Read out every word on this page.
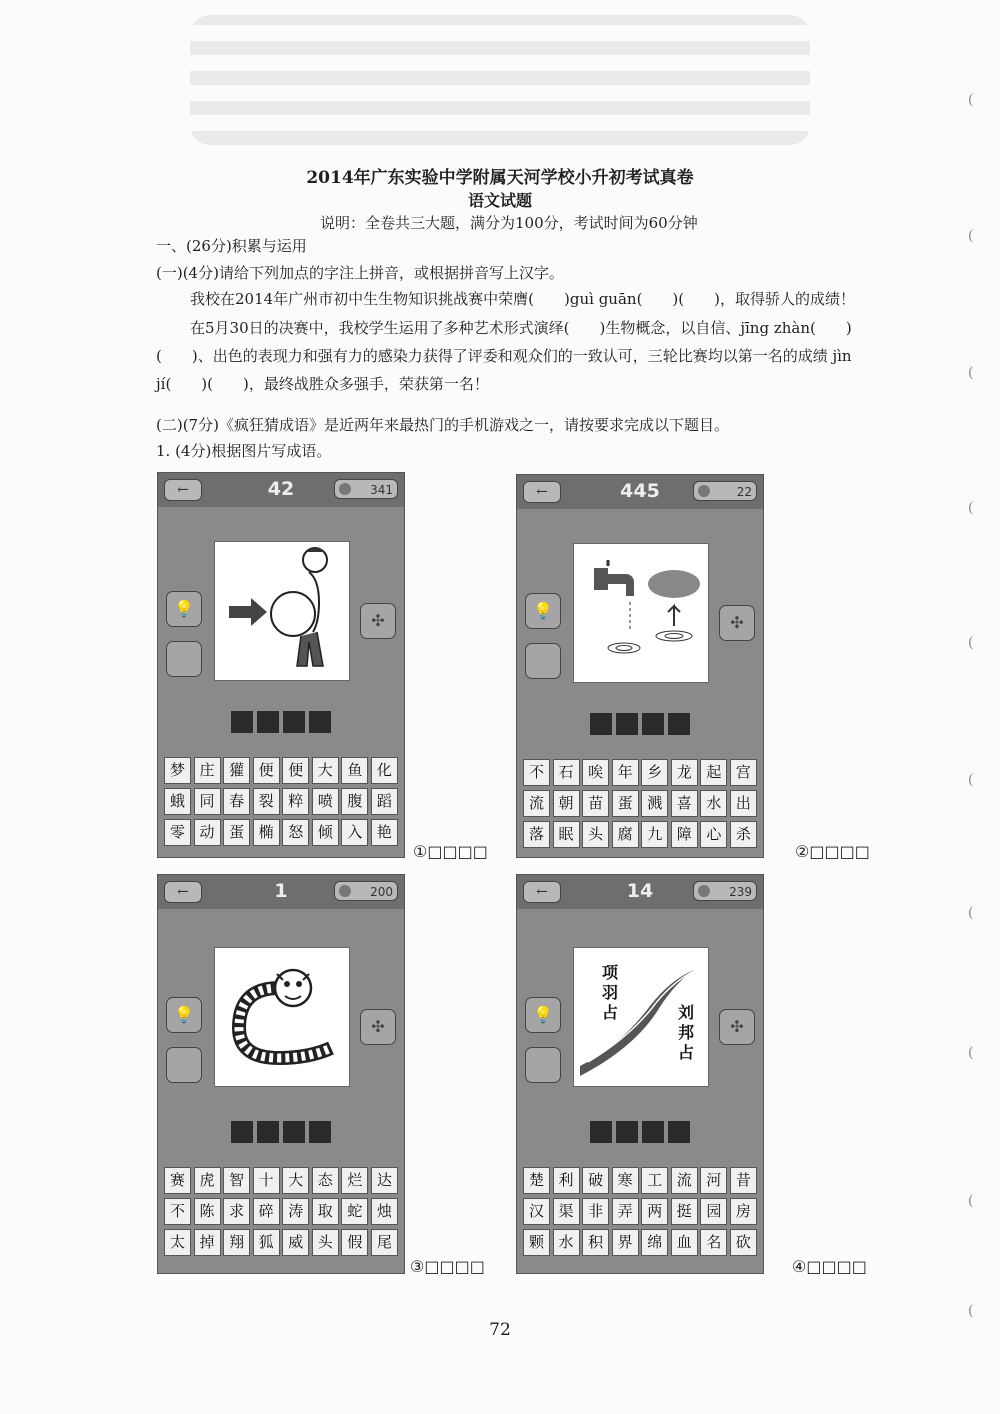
2014年广东实验中学附属天河学校小升初考试真卷
语文试题
说明：全卷共三大题，满分为100分，考试时间为60分钟
一、(26分)积累与运用
(一)(4分)请给下列加点的字注上拼音，或根据拼音写上汉字。
我校在2014年广州市初中生生物知识挑战赛中荣膺(　　)guì guān(　　)(　　)，取得骄人的成绩！
在5月30日的决赛中，我校学生运用了多种艺术形式演绎(　　)生物概念，以自信、jīng zhàn(　　)(　　)、出色的表现力和强有力的感染力获得了评委和观众们的一致认可，三轮比赛均以第一名的成绩 jìn jí(　　)(　　)，最终战胜众多强手，荣获第一名！
(二)(7分)《疯狂猜成语》是近两年来最热门的手机游戏之一，请按要求完成以下题目。
1. (4分)根据图片写成语。
←	42	341
💡
✣
梦 庄 獾 便 便 大 鱼 化
蛾 同 春 裂 粹 喷 腹 蹈
零 动 蛋 椭 怒 倾 入 艳
←	445	22
💡
✣
不 石 唉 年 乡 龙 起 宫
流 朝 苗 蛋 溅 喜 水 出
落 眠 头 腐 九 障 心 杀
←	1	200
💡
✣
赛 虎 智 十 大 态 烂 达
不 陈 求 碎 涛 取 蛇 烛
太 掉 翔 狐 威 头 假 尾
←	14	239
💡
✣
项羽占	刘邦占
楚 利 破 寒 工 流 河 昔
汉 渠 非 弄 两 挺 园 房
颗 水 积 界 绵 血 名 砍
①□□□□	②□□□□
③□□□□	④□□□□
72
(
(
(
(
(
(
(
(
(
(
